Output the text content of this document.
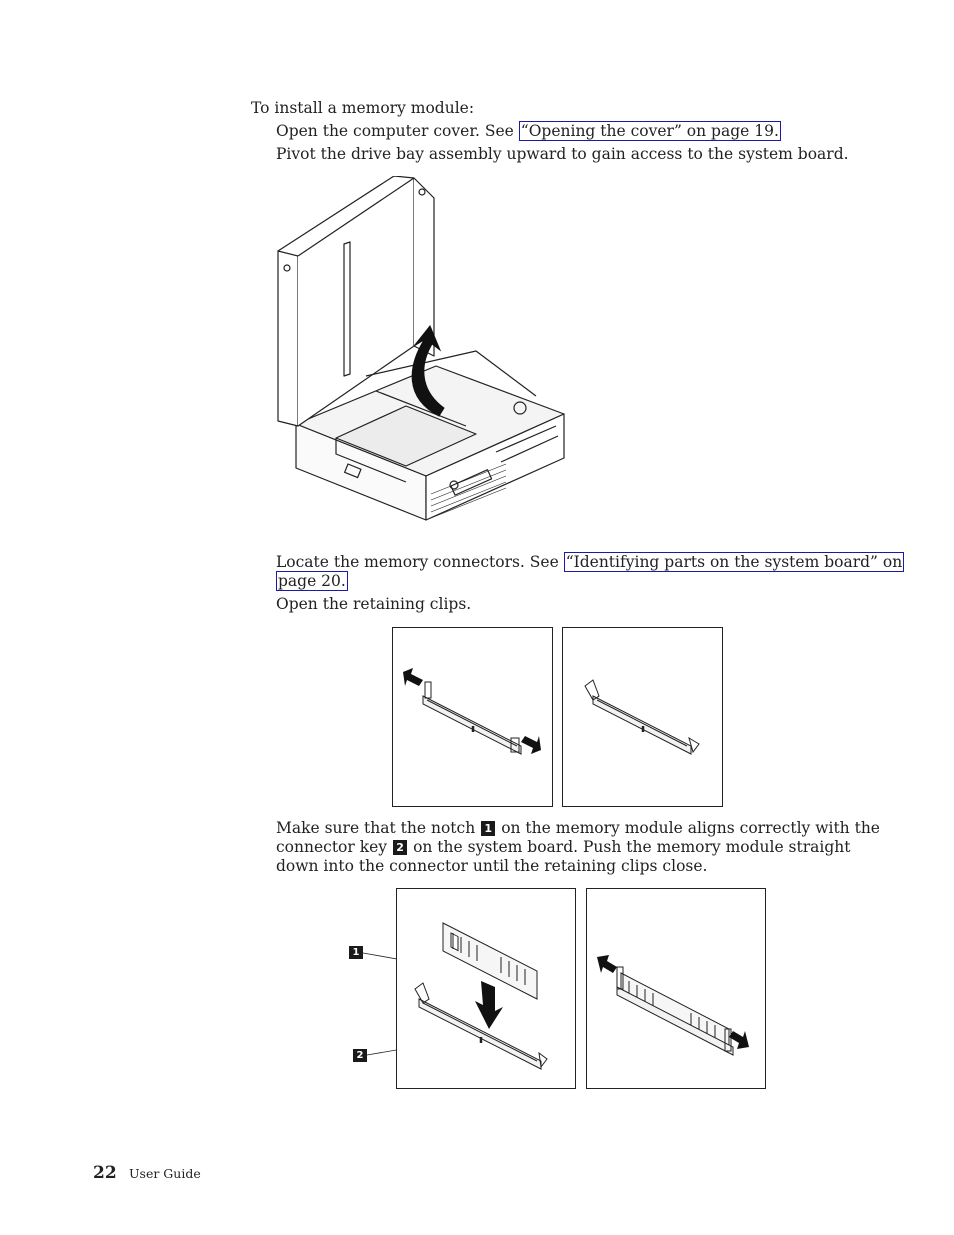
To install a memory module:
Open the computer cover. See “Opening the cover” on page 19.
Pivot the drive bay assembly upward to gain access to the system board.
Locate the memory connectors. See “Identifying parts on the system board” on
page 20.
Open the retaining clips.
Make sure that the notch 1 on the memory module aligns correctly with the
connector key 2 on the system board. Push the memory module straight
down into the connector until the retaining clips close.
1
2
22 User Guide
